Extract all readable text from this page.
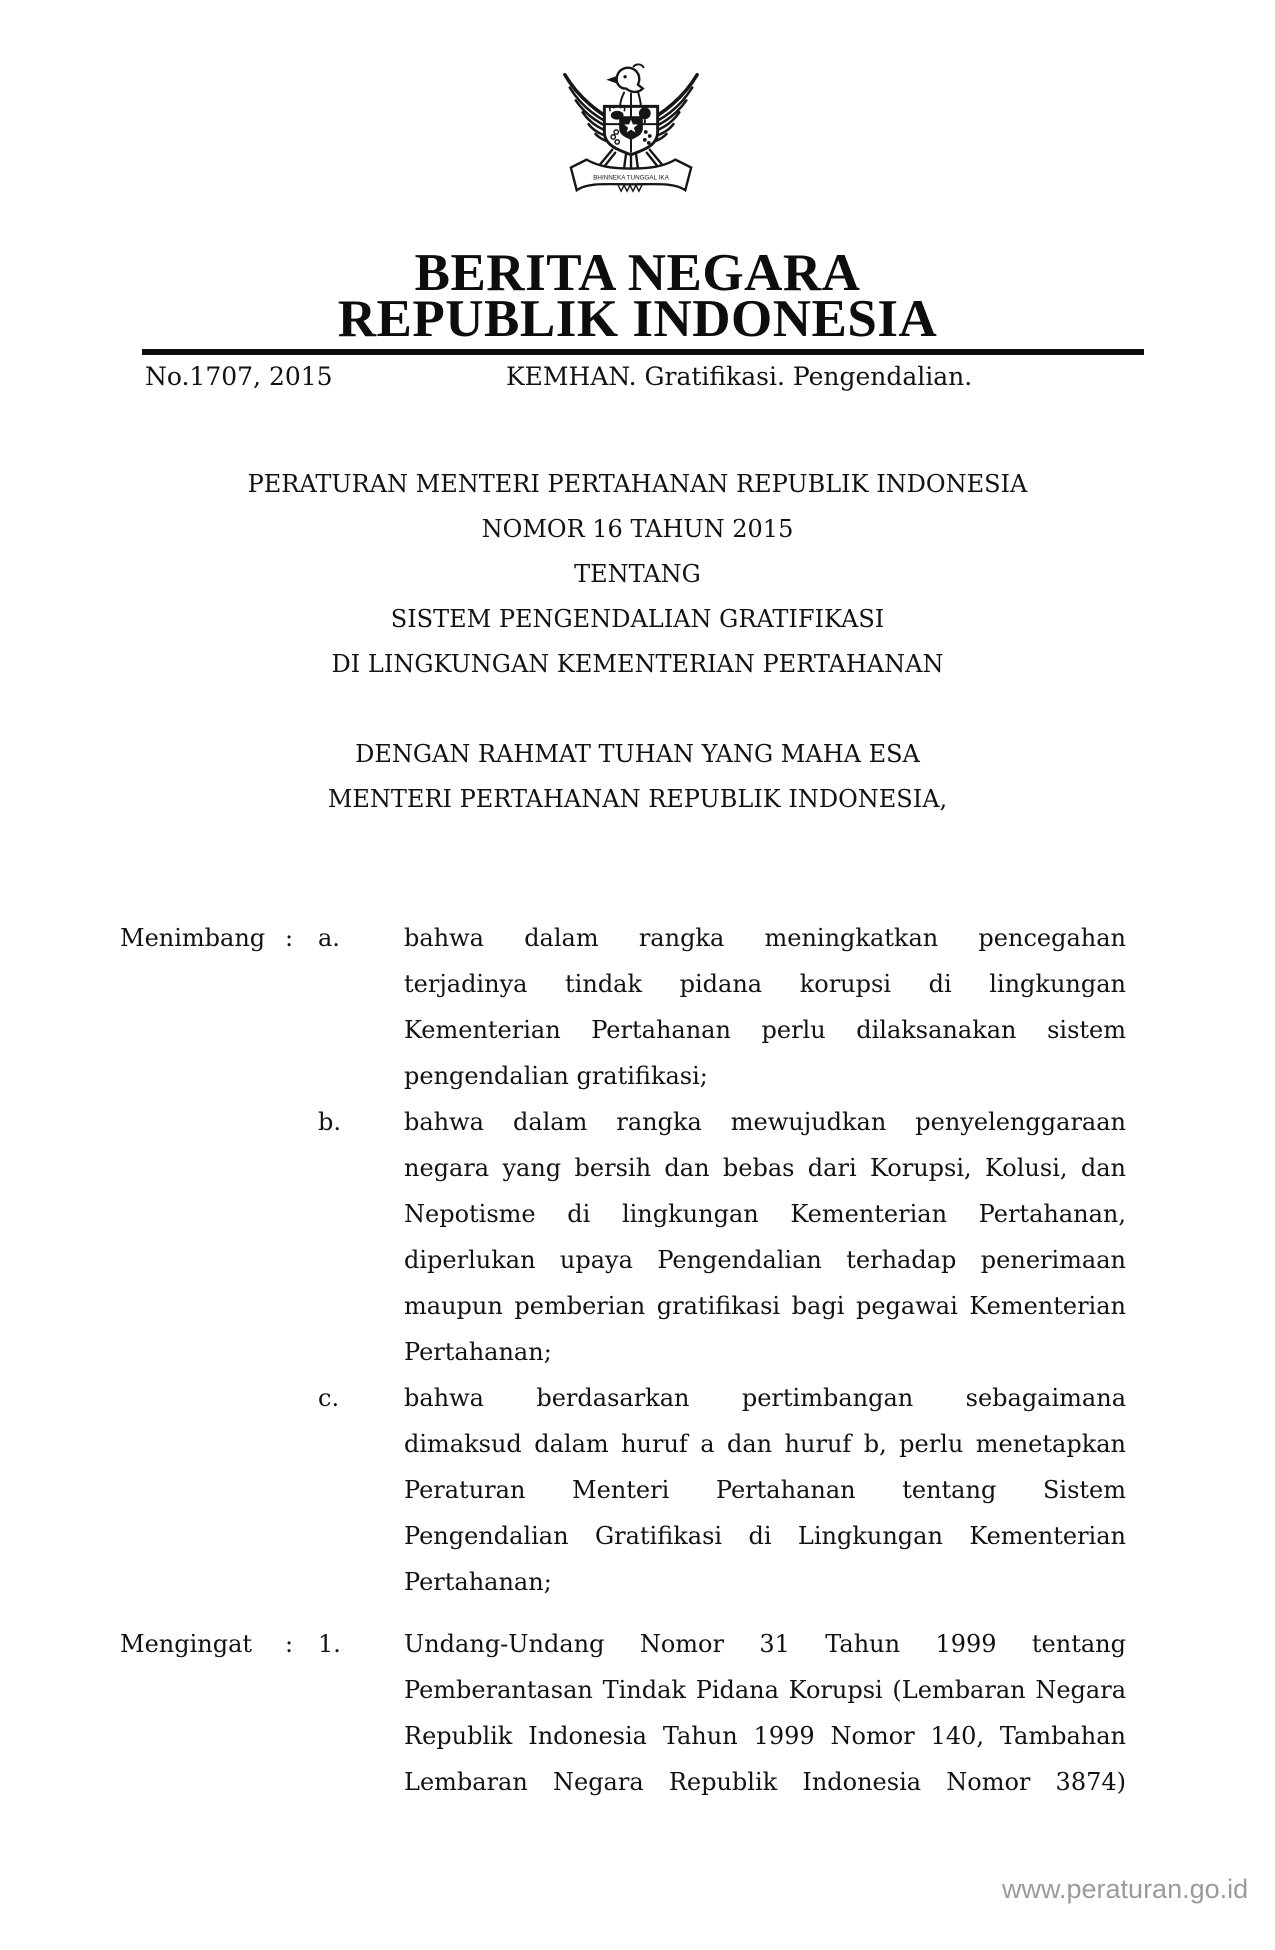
BHINNEKA TUNGGAL IKA
BERITA NEGARA
REPUBLIK INDONESIA
No.1707, 2015	KEMHAN. Gratifikasi. Pengendalian.
PERATURAN MENTERI PERTAHANAN REPUBLIK INDONESIA
NOMOR 16 TAHUN 2015
TENTANG
SISTEM PENGENDALIAN GRATIFIKASI
DI LINGKUNGAN KEMENTERIAN PERTAHANAN
DENGAN RAHMAT TUHAN YANG MAHA ESA
MENTERI PERTAHANAN REPUBLIK INDONESIA,
Menimbang :	a.	bahwa dalam rangka meningkatkan pencegahan
terjadinya tindak pidana korupsi di lingkungan
Kementerian Pertahanan perlu dilaksanakan sistem
pengendalian gratifikasi;
b.	bahwa dalam rangka mewujudkan penyelenggaraan
negara yang bersih dan bebas dari Korupsi, Kolusi, dan
Nepotisme di lingkungan Kementerian Pertahanan,
diperlukan upaya Pengendalian terhadap penerimaan
maupun pemberian gratifikasi bagi pegawai Kementerian
Pertahanan;
c.	bahwa berdasarkan pertimbangan sebagaimana
dimaksud dalam huruf a dan huruf b, perlu menetapkan
Peraturan Menteri Pertahanan tentang Sistem
Pengendalian Gratifikasi di Lingkungan Kementerian
Pertahanan;
Mengingat	:	1.	Undang-Undang Nomor 31 Tahun 1999 tentang
Pemberantasan Tindak Pidana Korupsi (Lembaran Negara
Republik Indonesia Tahun 1999 Nomor 140, Tambahan
Lembaran Negara Republik Indonesia Nomor 3874)
www.peraturan.go.id
